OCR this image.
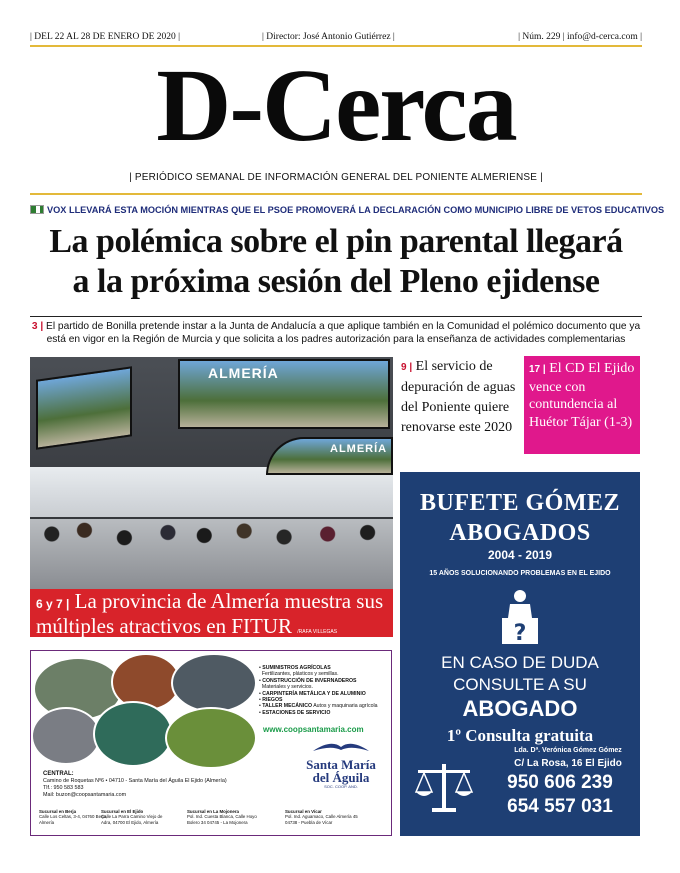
| DEL 22 AL 28 DE ENERO DE 2020 |	| Director: José Antonio Gutiérrez |	| Núm. 229 | info@d-cerca.com |
D-Cerca
| PERIÓDICO SEMANAL DE INFORMACIÓN GENERAL DEL PONIENTE ALMERIENSE |
VOX LLEVARÁ ESTA MOCIÓN MIENTRAS QUE EL PSOE PROMOVERÁ LA DECLARACIÓN COMO MUNICIPIO LIBRE DE VETOS EDUCATIVOS
La polémica sobre el pin parental llegará
a la próxima sesión del Pleno ejidense

3 | El partido de Bonilla pretende instar a la Junta de Andalucía a que aplique también en la Comunidad el polémico documento que ya está en vigor en la Región de Murcia y que solicita a los padres autorización para la enseñanza de actividades complementarias

ALMERÍA
ALMERÍA
6 y 7 | La provincia de Almería muestra sus múltiples atractivos en FITUR /RAFA VILLEGAS
9 | El servicio de depuración de aguas del Poniente quiere renovarse este 2020
17 | El CD El Ejido vence con contundencia al Huétor Tájar (1-3)
BUFETE GÓMEZ
ABOGADOS
2004 - 2019
15 AÑOS SOLUCIONANDO PROBLEMAS EN EL EJIDO
?
EN CASO DE DUDA
CONSULTE A SU
ABOGADO
1º Consulta gratuita
Lda. Dª. Verónica Gómez Gómez
C/ La Rosa, 16 El Ejido
950 606 239
654 557 031
• SUMINISTROS AGRÍCOLAS
Fertilizantes, plásticos y semillas.
• CONSTRUCCIÓN DE INVERNADEROS
Materiales y servicios.
• CARPINTERÍA METÁLICA Y DE ALUMINIO
• RIEGOS
• TALLER MECÁNICO Autos y maquinaria agrícola
• ESTACIONES DE SERVICIO
www.coopsantamaria.com
Santa María
del Águila
SOC. COOP. AND.
CENTRAL:
Camino de Roquetas Nº6 • 04710 - Santa María del Águila El Ejido (Almería)
Tlf.: 950 583 583
Mail: buzon@coopsantamaria.com
Sucursal en Berja
Calle Los Celtas, 3-4, 04760 Berja, Almería
Sucursal en El Ejido
Calle La Parra Camino Viejo de Adra, 04700 El Ejido, Almería
Sucursal en La Mojonera
Pol. Ind. Cuesta Blanca, Calle Hoyo Bolero 34 04745 - La Mojonera
Sucursal en Vícar
Pol. Ind. Aguamaco, Calle Almería 45 04738 - Puebla de Vícar
